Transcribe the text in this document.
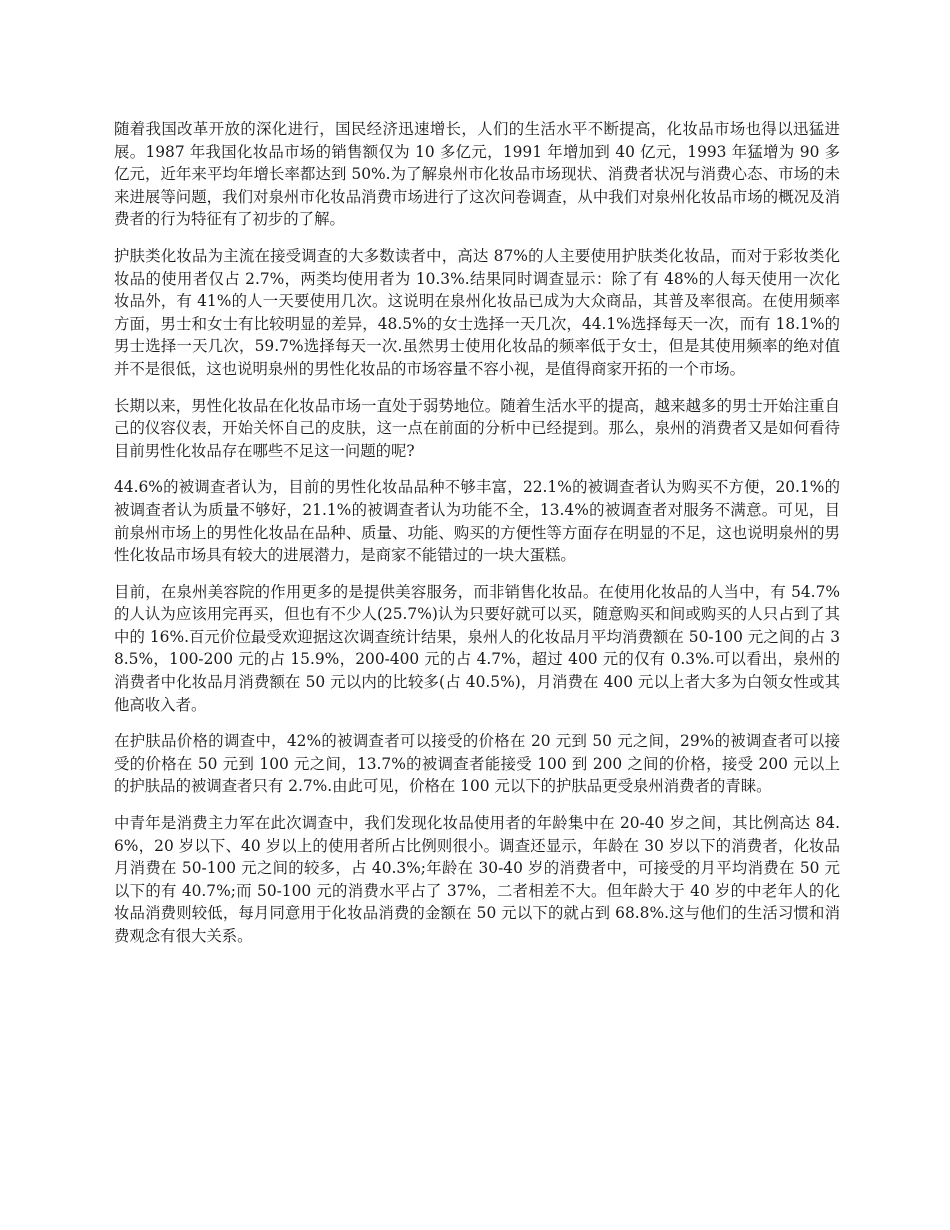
随着我国改革开放的深化进行，国民经济迅速增长，人们的生活水平不断提高，化妆品市场也得以迅猛进展。1987 年我国化妆品市场的销售额仅为 10 多亿元，1991 年增加到 40 亿元，1993 年猛增为 90 多亿元，近年来平均年增长率都达到 50%.为了解泉州市化妆品市场现状、消费者状况与消费心态、市场的未来进展等问题，我们对泉州市化妆品消费市场进行了这次问卷调查，从中我们对泉州化妆品市场的概况及消费者的行为特征有了初步的了解。

护肤类化妆品为主流在接受调查的大多数读者中，高达 87%的人主要使用护肤类化妆品，而对于彩妆类化妆品的使用者仅占 2.7%，两类均使用者为 10.3%.结果同时调查显示：除了有 48%的人每天使用一次化妆品外，有 41%的人一天要使用几次。这说明在泉州化妆品已成为大众商品，其普及率很高。在使用频率方面，男士和女士有比较明显的差异，48.5%的女士选择一天几次，44.1%选择每天一次，而有 18.1%的男士选择一天几次，59.7%选择每天一次.虽然男士使用化妆品的频率低于女士，但是其使用频率的绝对值并不是很低，这也说明泉州的男性化妆品的市场容量不容小视，是值得商家开拓的一个市场。

长期以来，男性化妆品在化妆品市场一直处于弱势地位。随着生活水平的提高，越来越多的男士开始注重自己的仪容仪表，开始关怀自己的皮肤，这一点在前面的分析中已经提到。那么，泉州的消费者又是如何看待目前男性化妆品存在哪些不足这一问题的呢?

44.6%的被调查者认为，目前的男性化妆品品种不够丰富，22.1%的被调查者认为购买不方便，20.1%的被调查者认为质量不够好，21.1%的被调查者认为功能不全，13.4%的被调查者对服务不满意。可见，目前泉州市场上的男性化妆品在品种、质量、功能、购买的方便性等方面存在明显的不足，这也说明泉州的男性化妆品市场具有较大的进展潜力，是商家不能错过的一块大蛋糕。

目前，在泉州美容院的作用更多的是提供美容服务，而非销售化妆品。在使用化妆品的人当中，有 54.7%的人认为应该用完再买，但也有不少人(25.7%)认为只要好就可以买，随意购买和间或购买的人只占到了其中的 16%.百元价位最受欢迎据这次调查统计结果，泉州人的化妆品月平均消费额在 50-100 元之间的占 38.5%，100-200 元的占 15.9%，200-400 元的占 4.7%，超过 400 元的仅有 0.3%.可以看出，泉州的消费者中化妆品月消费额在 50 元以内的比较多(占 40.5%)，月消费在 400 元以上者大多为白领女性或其他高收入者。

在护肤品价格的调查中，42%的被调查者可以接受的价格在 20 元到 50 元之间，29%的被调查者可以接受的价格在 50 元到 100 元之间，13.7%的被调查者能接受 100 到 200 之间的价格，接受 200 元以上的护肤品的被调查者只有 2.7%.由此可见，价格在 100 元以下的护肤品更受泉州消费者的青睐。

中青年是消费主力军在此次调查中，我们发现化妆品使用者的年龄集中在 20-40 岁之间，其比例高达 84.6%，20 岁以下、40 岁以上的使用者所占比例则很小。调查还显示，年龄在 30 岁以下的消费者，化妆品月消费在 50-100 元之间的较多，占 40.3%;年龄在 30-40 岁的消费者中，可接受的月平均消费在 50 元以下的有 40.7%;而 50-100 元的消费水平占了 37%，二者相差不大。但年龄大于 40 岁的中老年人的化妆品消费则较低，每月同意用于化妆品消费的金额在 50 元以下的就占到 68.8%.这与他们的生活习惯和消费观念有很大关系。
